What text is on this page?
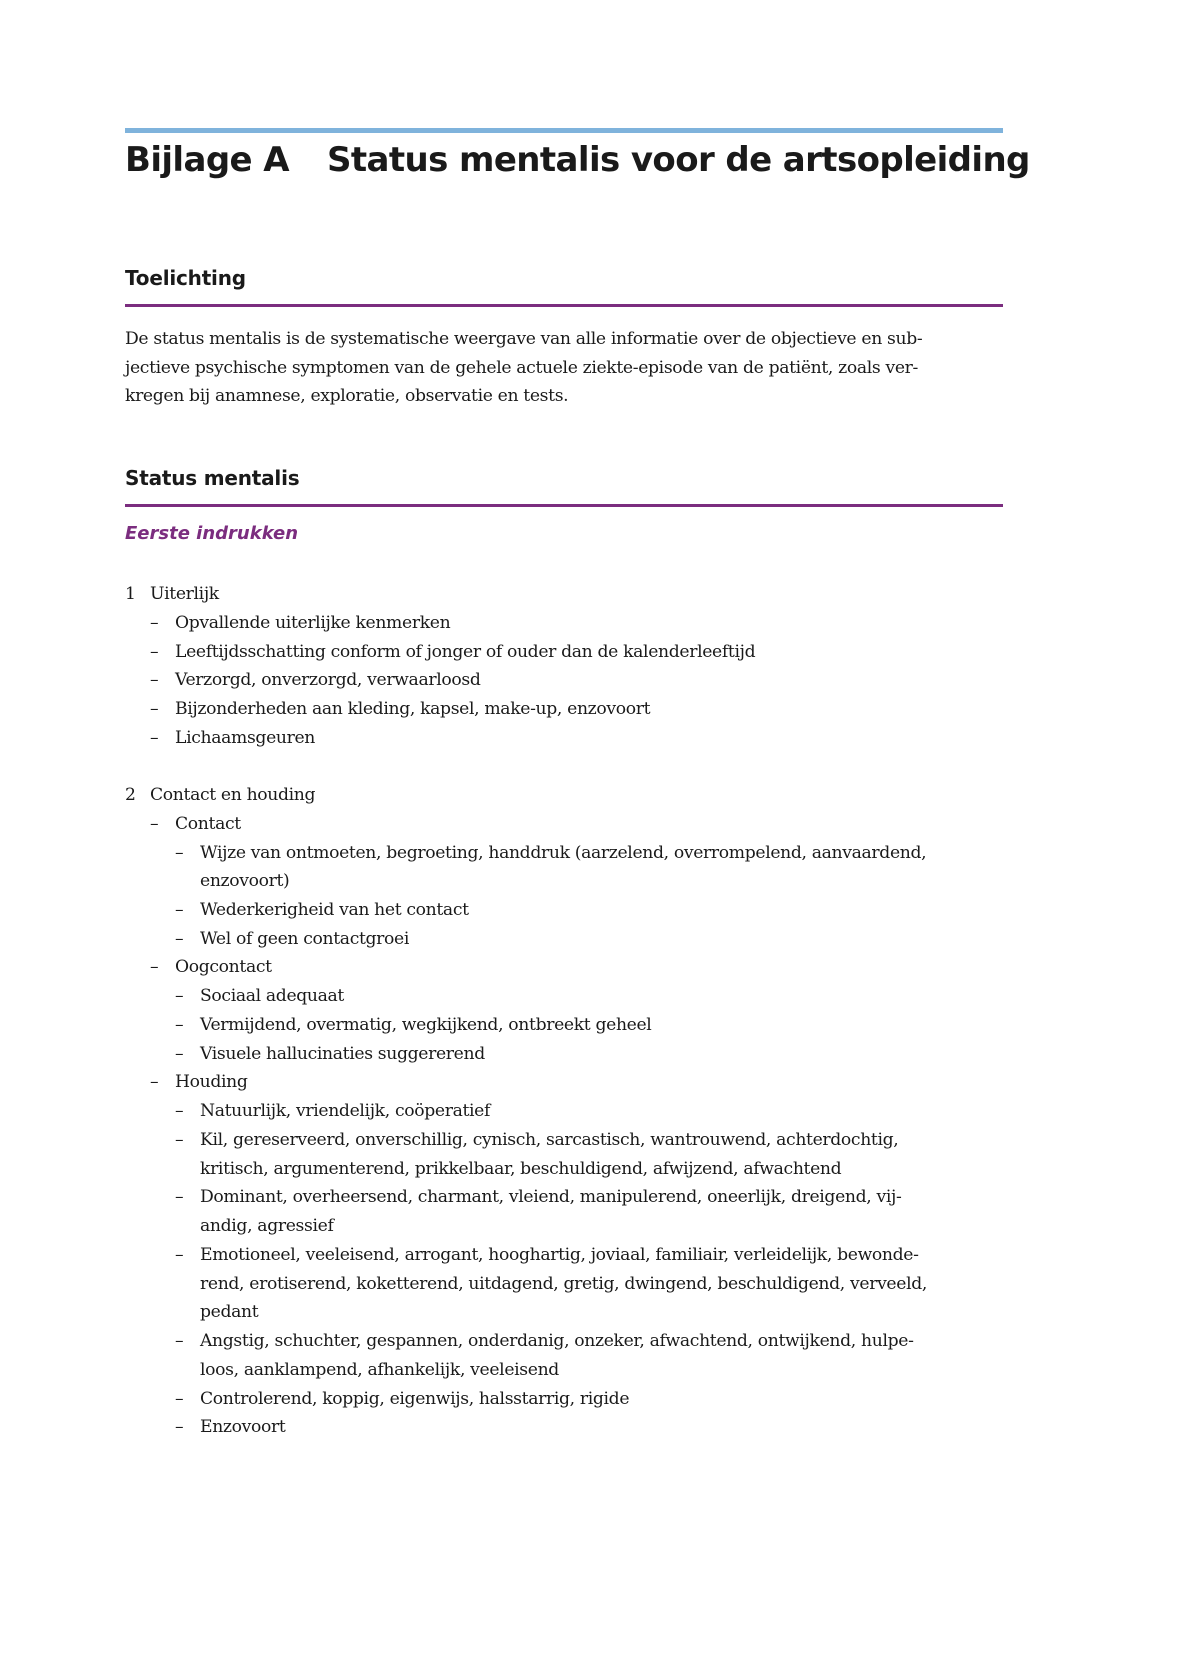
Bijlage A Status mentalis voor de artsopleiding
Toelichting

De status mentalis is de systematische weergave van alle informatie over de objectieve en sub-
jectieve psychische symptomen van de gehele actuele ziekte-episode van de patiënt, zoals ver-
kregen bij anamnese, exploratie, observatie en tests.

Status mentalis
Eerste indrukken
1 Uiterlijk
– Opvallende uiterlijke kenmerken
– Leeftijdsschatting conform of jonger of ouder dan de kalenderleeftijd
– Verzorgd, onverzorgd, verwaarloosd
– Bijzonderheden aan kleding, kapsel, make-up, enzovoort
– Lichaamsgeuren
2 Contact en houding
– Contact
– Wijze van ontmoeten, begroeting, handdruk (aarzelend, overrompelend, aanvaardend,
enzovoort)
– Wederkerigheid van het contact
– Wel of geen contactgroei
– Oogcontact
– Sociaal adequaat
– Vermijdend, overmatig, wegkijkend, ontbreekt geheel
– Visuele hallucinaties suggererend
– Houding
– Natuurlijk, vriendelijk, coöperatief
– Kil, gereserveerd, onverschillig, cynisch, sarcastisch, wantrouwend, achterdochtig,
kritisch, argumenterend, prikkelbaar, beschuldigend, afwijzend, afwachtend
– Dominant, overheersend, charmant, vleiend, manipulerend, oneerlijk, dreigend, vij-
andig, agressief
– Emotioneel, veeleisend, arrogant, hooghartig, joviaal, familiair, verleidelijk, bewonde-
rend, erotiserend, koketterend, uitdagend, gretig, dwingend, beschuldigend, verveeld,
pedant
– Angstig, schuchter, gespannen, onderdanig, onzeker, afwachtend, ontwijkend, hulpe-
loos, aanklampend, afhankelijk, veeleisend
– Controlerend, koppig, eigenwijs, halsstarrig, rigide
– Enzovoort
